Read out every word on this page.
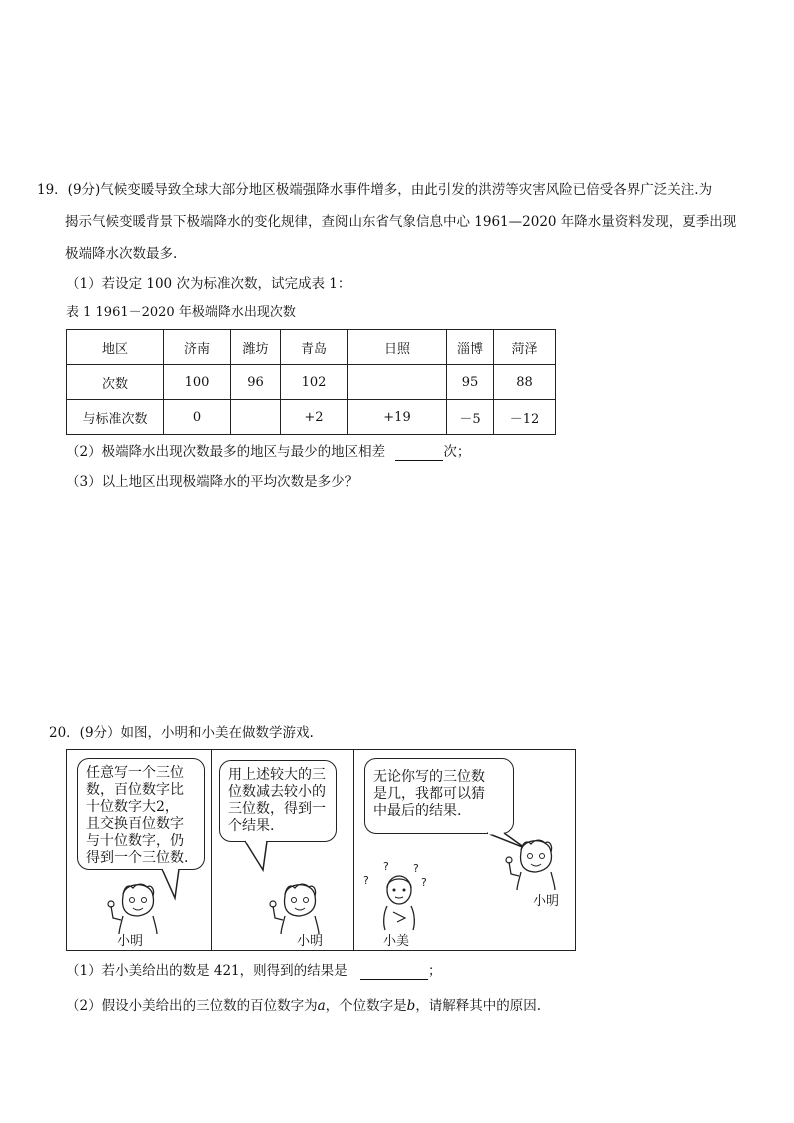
19．(9分)气候变暖导致全球大部分地区极端强降水事件增多，由此引发的洪涝等灾害风险已倍受各界广泛关注.为
揭示气候变暖背景下极端降水的变化规律，查阅山东省气象信息中心 1961—2020 年降水量资料发现，夏季出现
极端降水次数最多.
（1）若设定 100 次为标准次数，试完成表 1：
表 1 1961－2020 年极端降水出现次数
地区	济南	潍坊	青岛	日照	淄博	菏泽
次数	100	96	102		95	88
与标准次数	0		+2	+19	－5	－12
（2）极端降水出现次数最多的地区与最少的地区相差	次；
（3）以上地区出现极端降水的平均次数是多少？
20．(9分）如图，小明和小美在做数学游戏.
任意写一个三位
数，百位数字比
十位数字大2，
且交换百位数字
与十位数字，仍
得到一个三位数.
用上述较大的三
位数减去较小的
三位数，得到一
个结果.
无论你写的三位数
是几，我都可以猜
中最后的结果.
小明	小明
?
? ?
?
小美
小明
（1）若小美给出的数是 421，则得到的结果是	；
（2）假设小美给出的三位数的百位数字为a，个位数字是b，请解释其中的原因.
